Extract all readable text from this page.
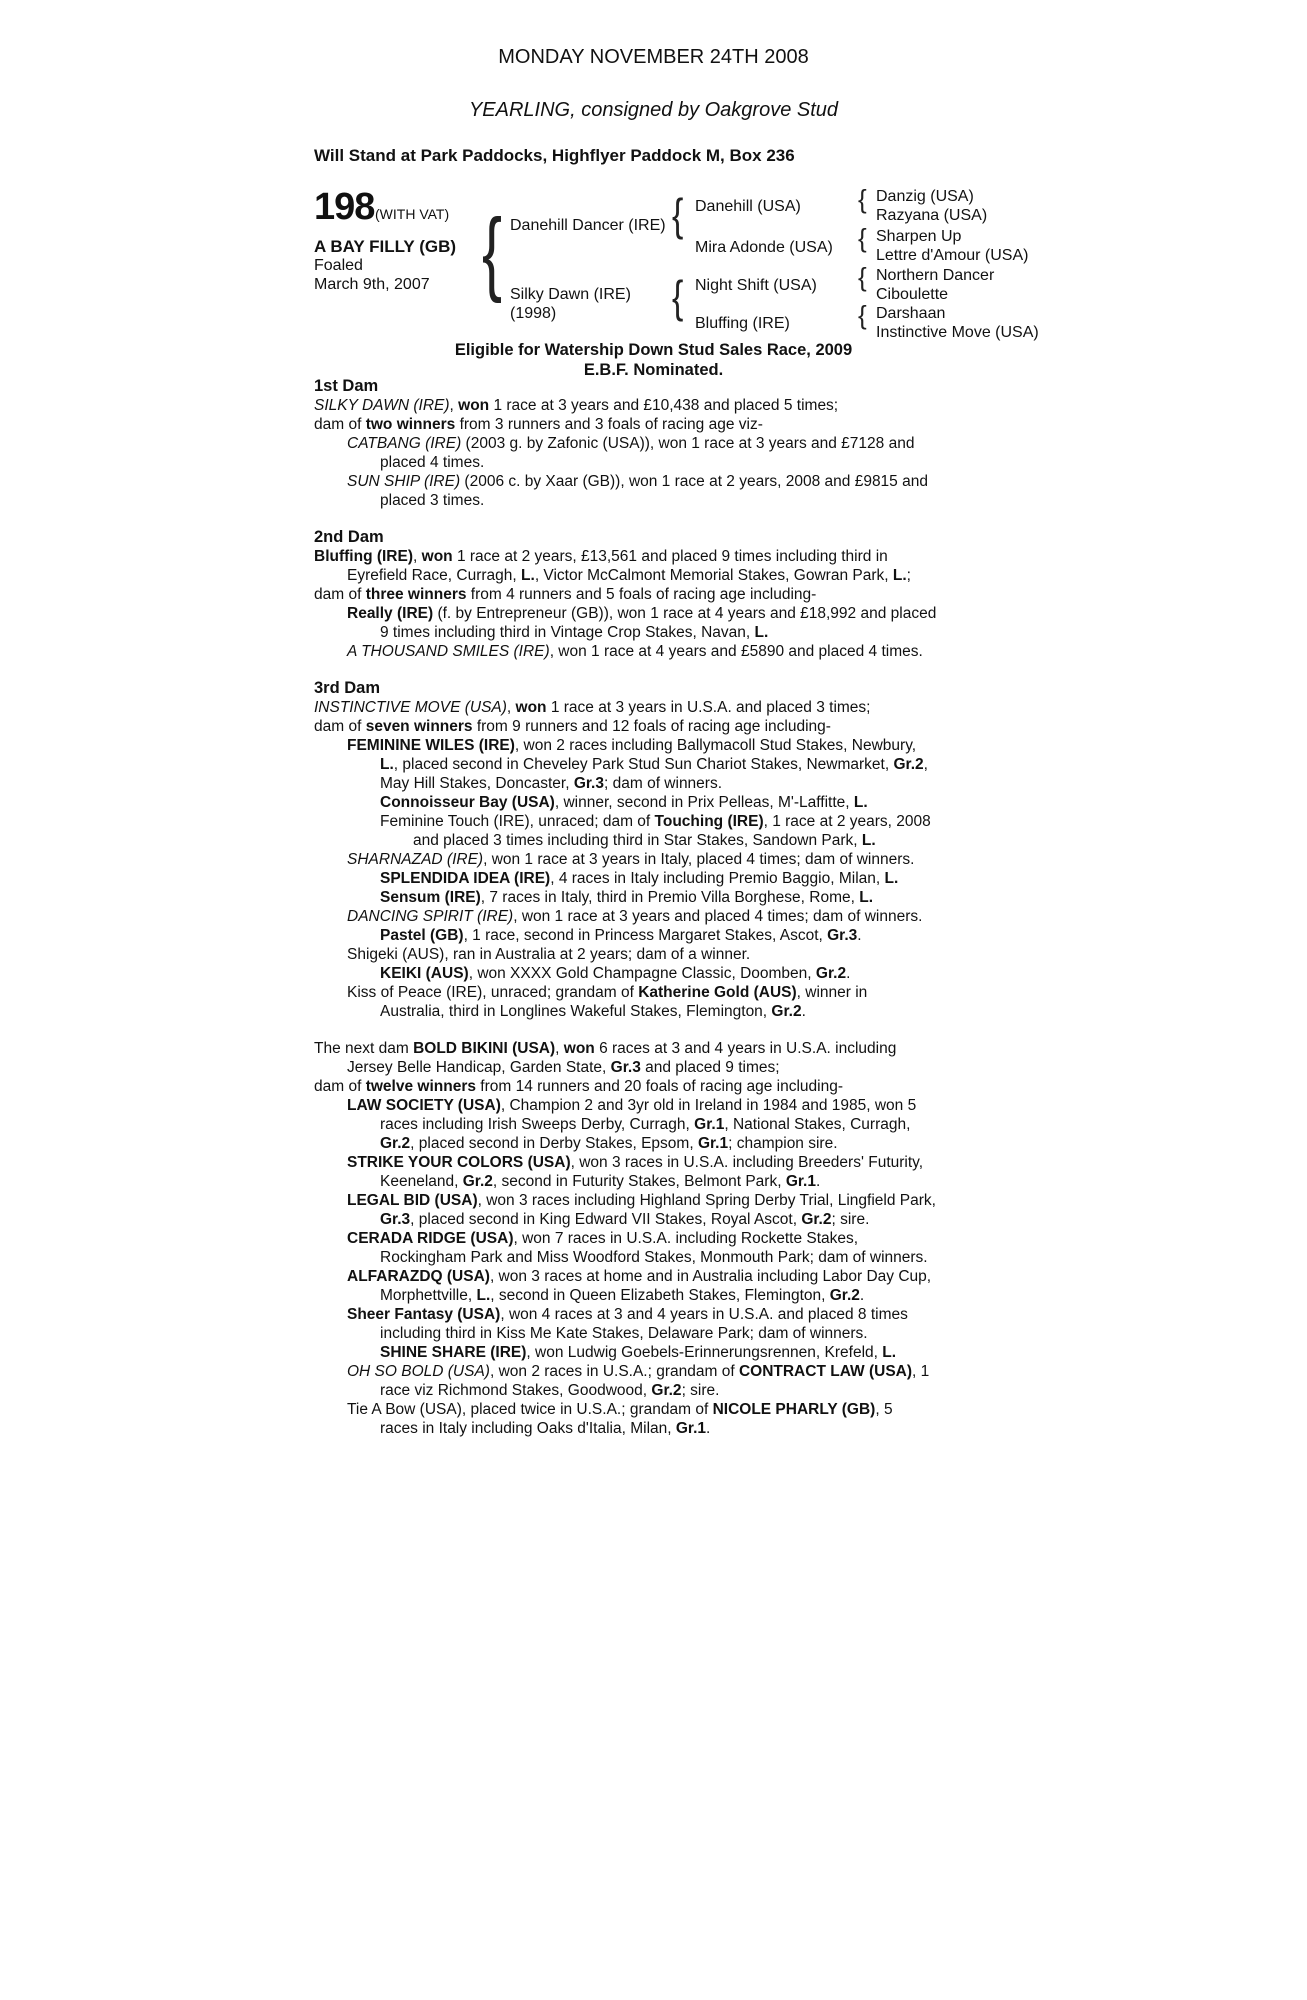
MONDAY NOVEMBER 24TH 2008
YEARLING, consigned by Oakgrove Stud
Will Stand at Park Paddocks, Highflyer Paddock M, Box 236
198 (WITH VAT)
A BAY FILLY (GB)
Foaled
March 9th, 2007 { Danehill Dancer (IRE)
Silky Dawn (IRE)
(1998)
{ Danehill (USA)
Mira Adonde (USA)
{ Night Shift (USA)
Bluffing (IRE)
{ Danzig (USA)
Razyana (USA)
{ Sharpen Up
Lettre d'Amour (USA)
{ Northern Dancer
Ciboulette
{ Darshaan
Instinctive Move (USA)
Eligible for Watership Down Stud Sales Race, 2009
E.B.F. Nominated.
1st Dam
SILKY DAWN (IRE), won 1 race at 3 years and £10,438 and placed 5 times;
dam of two winners from 3 runners and 3 foals of racing age viz-
CATBANG (IRE) (2003 g. by Zafonic (USA)), won 1 race at 3 years and £7128 and
placed 4 times.
SUN SHIP (IRE) (2006 c. by Xaar (GB)), won 1 race at 2 years, 2008 and £9815 and
placed 3 times.
2nd Dam
Bluffing (IRE), won 1 race at 2 years, £13,561 and placed 9 times including third in
Eyrefield Race, Curragh, L., Victor McCalmont Memorial Stakes, Gowran Park, L.;
dam of three winners from 4 runners and 5 foals of racing age including-
Really (IRE) (f. by Entrepreneur (GB)), won 1 race at 4 years and £18,992 and placed
9 times including third in Vintage Crop Stakes, Navan, L.
A THOUSAND SMILES (IRE), won 1 race at 4 years and £5890 and placed 4 times.
3rd Dam
INSTINCTIVE MOVE (USA), won 1 race at 3 years in U.S.A. and placed 3 times;
dam of seven winners from 9 runners and 12 foals of racing age including-
FEMININE WILES (IRE), won 2 races including Ballymacoll Stud Stakes, Newbury,
L., placed second in Cheveley Park Stud Sun Chariot Stakes, Newmarket, Gr.2,
May Hill Stakes, Doncaster, Gr.3; dam of winners.
Connoisseur Bay (USA), winner, second in Prix Pelleas, M'-Laffitte, L.
Feminine Touch (IRE), unraced; dam of Touching (IRE), 1 race at 2 years, 2008
and placed 3 times including third in Star Stakes, Sandown Park, L.
SHARNAZAD (IRE), won 1 race at 3 years in Italy, placed 4 times; dam of winners.
SPLENDIDA IDEA (IRE), 4 races in Italy including Premio Baggio, Milan, L.
Sensum (IRE), 7 races in Italy, third in Premio Villa Borghese, Rome, L.
DANCING SPIRIT (IRE), won 1 race at 3 years and placed 4 times; dam of winners.
Pastel (GB), 1 race, second in Princess Margaret Stakes, Ascot, Gr.3.
Shigeki (AUS), ran in Australia at 2 years; dam of a winner.
KEIKI (AUS), won XXXX Gold Champagne Classic, Doomben, Gr.2.
Kiss of Peace (IRE), unraced; grandam of Katherine Gold (AUS), winner in
Australia, third in Longlines Wakeful Stakes, Flemington, Gr.2.
The next dam BOLD BIKINI (USA), won 6 races at 3 and 4 years in U.S.A. including
Jersey Belle Handicap, Garden State, Gr.3 and placed 9 times;
dam of twelve winners from 14 runners and 20 foals of racing age including-
LAW SOCIETY (USA), Champion 2 and 3yr old in Ireland in 1984 and 1985, won 5
races including Irish Sweeps Derby, Curragh, Gr.1, National Stakes, Curragh,
Gr.2, placed second in Derby Stakes, Epsom, Gr.1; champion sire.
STRIKE YOUR COLORS (USA), won 3 races in U.S.A. including Breeders' Futurity,
Keeneland, Gr.2, second in Futurity Stakes, Belmont Park, Gr.1.
LEGAL BID (USA), won 3 races including Highland Spring Derby Trial, Lingfield Park,
Gr.3, placed second in King Edward VII Stakes, Royal Ascot, Gr.2; sire.
CERADA RIDGE (USA), won 7 races in U.S.A. including Rockette Stakes,
Rockingham Park and Miss Woodford Stakes, Monmouth Park; dam of winners.
ALFARAZDQ (USA), won 3 races at home and in Australia including Labor Day Cup,
Morphettville, L., second in Queen Elizabeth Stakes, Flemington, Gr.2.
Sheer Fantasy (USA), won 4 races at 3 and 4 years in U.S.A. and placed 8 times
including third in Kiss Me Kate Stakes, Delaware Park; dam of winners.
SHINE SHARE (IRE), won Ludwig Goebels-Erinnerungsrennen, Krefeld, L.
OH SO BOLD (USA), won 2 races in U.S.A.; grandam of CONTRACT LAW (USA), 1
race viz Richmond Stakes, Goodwood, Gr.2; sire.
Tie A Bow (USA), placed twice in U.S.A.; grandam of NICOLE PHARLY (GB), 5
races in Italy including Oaks d'Italia, Milan, Gr.1.
